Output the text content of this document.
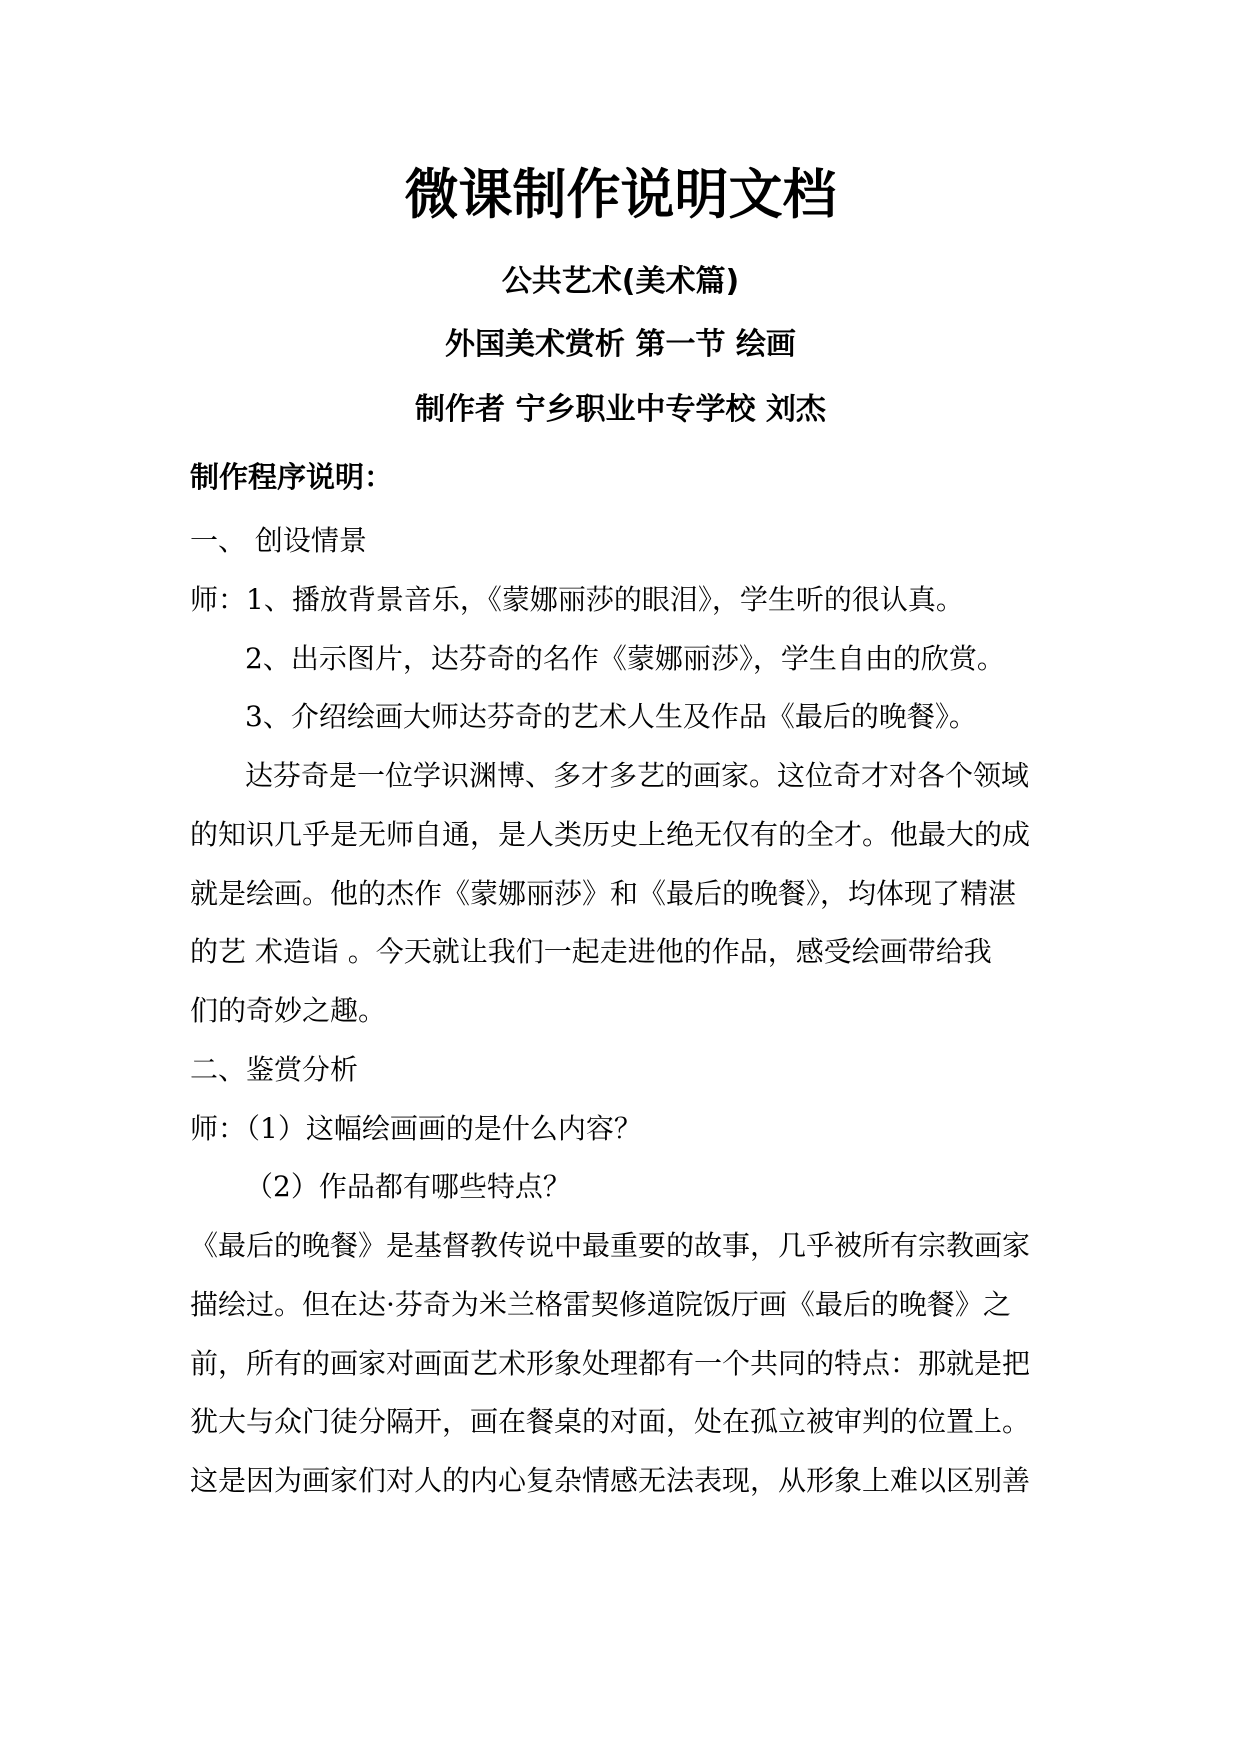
微课制作说明文档
公共艺术(美术篇)
外国美术赏析 第一节 绘画
制作者 宁乡职业中专学校 刘杰
制作程序说明：
一、 创设情景
师：1、播放背景音乐，《蒙娜丽莎的眼泪》，学生听的很认真。
2、出示图片，达芬奇的名作《蒙娜丽莎》，学生自由的欣赏。
3、介绍绘画大师达芬奇的艺术人生及作品《最后的晚餐》。
达芬奇是一位学识渊博、多才多艺的画家。这位奇才对各个领域
的知识几乎是无师自通，是人类历史上绝无仅有的全才。他最大的成
就是绘画。他的杰作《蒙娜丽莎》和《最后的晚餐》，均体现了精湛
的艺 术造诣 。今天就让我们一起走进他的作品，感受绘画带给我
们的奇妙之趣。
二、鉴赏分析
师：（1）这幅绘画画的是什么内容？
（2）作品都有哪些特点？
《最后的晚餐》是基督教传说中最重要的故事，几乎被所有宗教画家
描绘过。但在达·芬奇为米兰格雷契修道院饭厅画《最后的晚餐》之
前，所有的画家对画面艺术形象处理都有一个共同的特点：那就是把
犹大与众门徒分隔开，画在餐桌的对面，处在孤立被审判的位置上。
这是因为画家们对人的内心复杂情感无法表现，从形象上难以区别善
